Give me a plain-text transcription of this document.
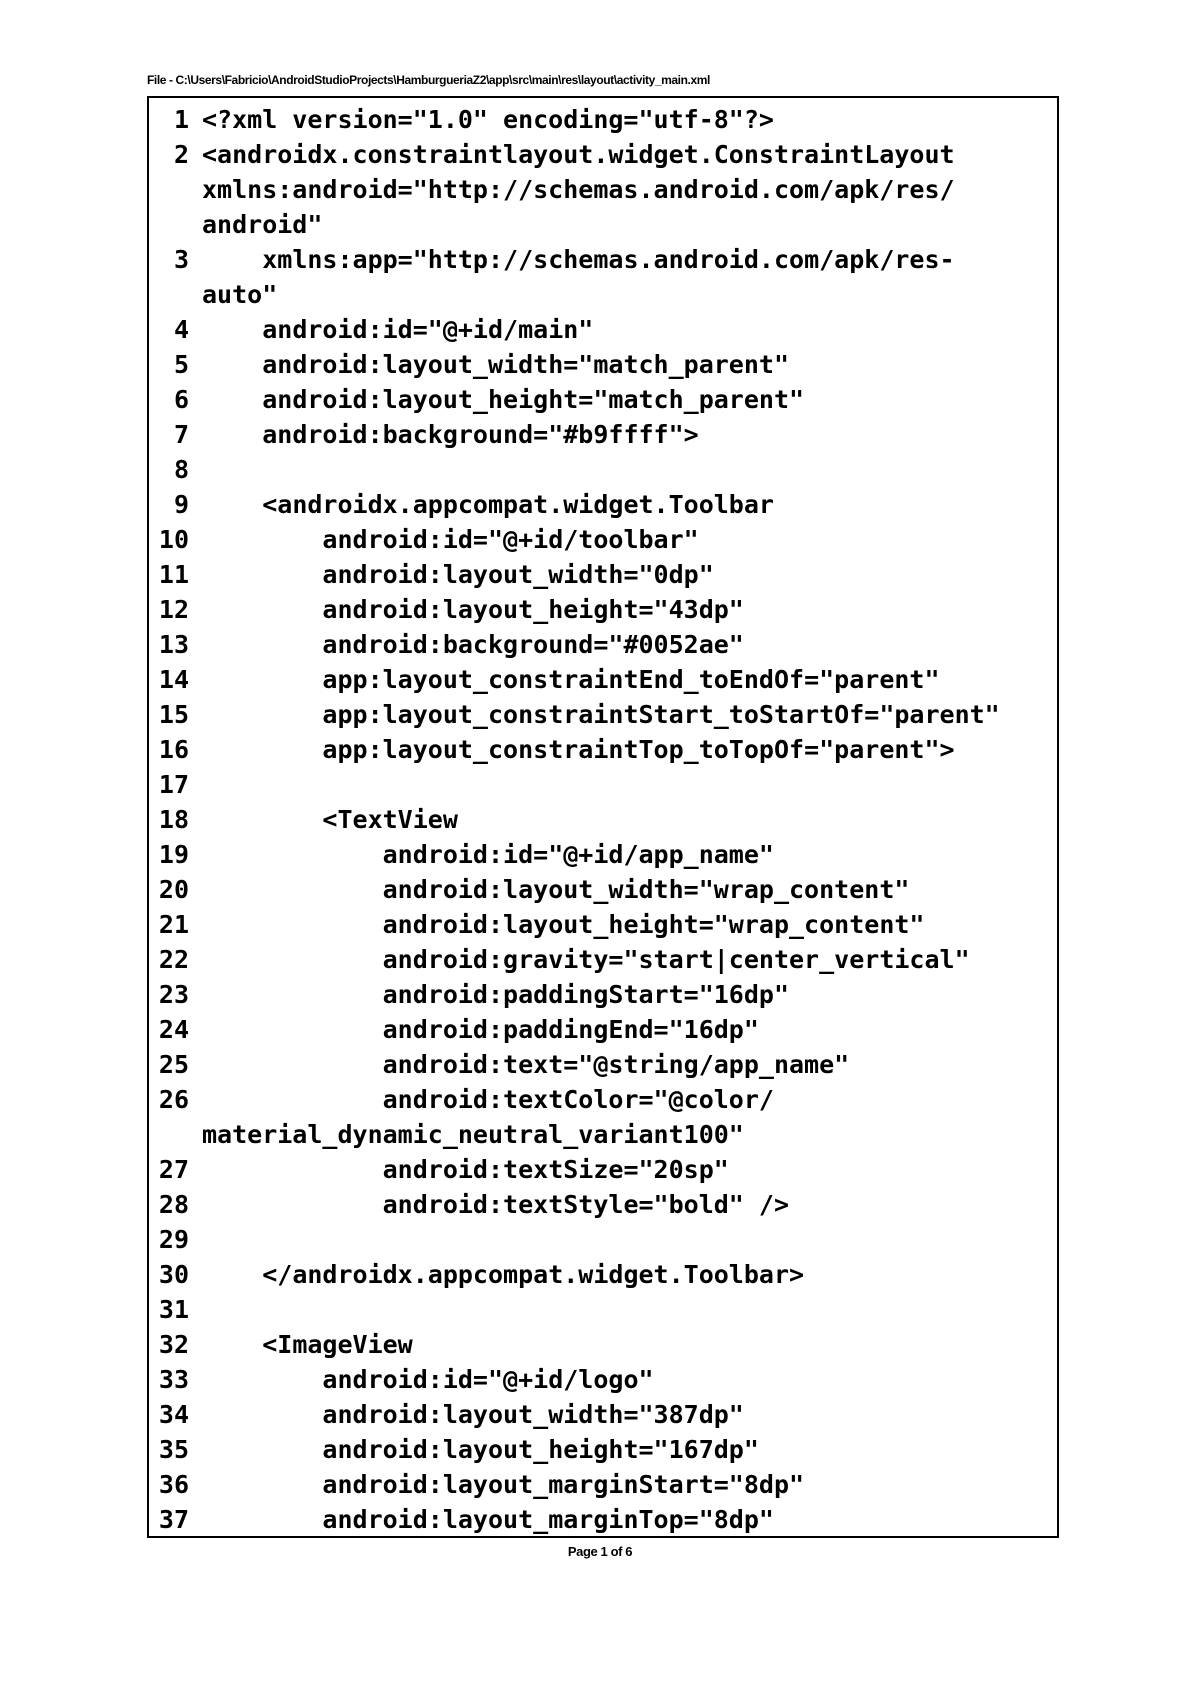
File - C:\Users\Fabricio\AndroidStudioProjects\HamburgueriaZ2\app\src\main\res\layout\activity_main.xml
1 <?xml version="1.0" encoding="utf-8"?>
2 <androidx.constraintlayout.widget.ConstraintLayout
xmlns:android="http://schemas.android.com/apk/res/
android"
3 xmlns:app="http://schemas.android.com/apk/res-
auto"
4 android:id="@+id/main"
5 android:layout_width="match_parent"
6 android:layout_height="match_parent"
7 android:background="#b9ffff">
8
9 <androidx.appcompat.widget.Toolbar
10 android:id="@+id/toolbar"
11 android:layout_width="0dp"
12 android:layout_height="43dp"
13 android:background="#0052ae"
14 app:layout_constraintEnd_toEndOf="parent"
15 app:layout_constraintStart_toStartOf="parent"
16 app:layout_constraintTop_toTopOf="parent">
17
18 <TextView
19 android:id="@+id/app_name"
20 android:layout_width="wrap_content"
21 android:layout_height="wrap_content"
22 android:gravity="start|center_vertical"
23 android:paddingStart="16dp"
24 android:paddingEnd="16dp"
25 android:text="@string/app_name"
26 android:textColor="@color/
material_dynamic_neutral_variant100"
27 android:textSize="20sp"
28 android:textStyle="bold" />
29
30 </androidx.appcompat.widget.Toolbar>
31
32 <ImageView
33 android:id="@+id/logo"
34 android:layout_width="387dp"
35 android:layout_height="167dp"
36 android:layout_marginStart="8dp"
37 android:layout_marginTop="8dp"
Page 1 of 6
